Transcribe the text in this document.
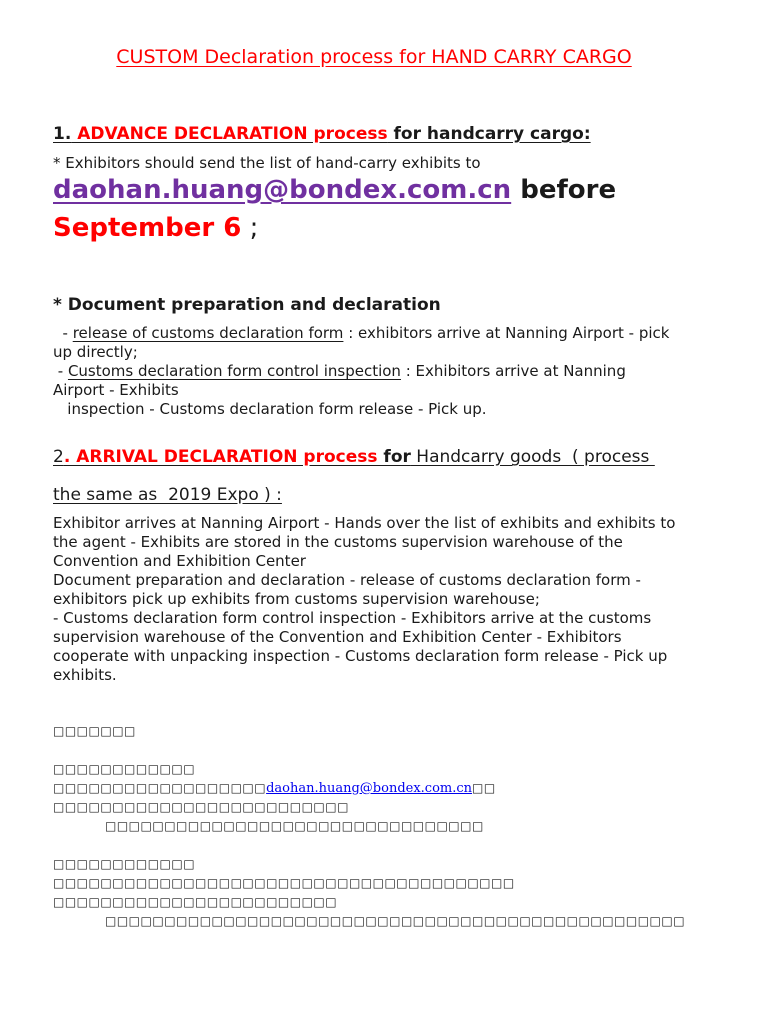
CUSTOM Declaration process for HAND CARRY CARGO

1. ADVANCE DECLARATION process for handcarry cargo:

* Exhibitors should send the list of hand-carry exhibits to

daohan.huang@bondex.com.cn before

September 6 ;

* Document preparation and declaration

- release of customs declaration form : exhibitors arrive at Nanning Airport - pick

up directly;

- Customs declaration form control inspection : Exhibitors arrive at Nanning

Airport - Exhibits

inspection - Customs declaration form release - Pick up.

2. ARRIVAL DECLARATION process for Handcarry goods  ( process

the same as  2019 Expo ) :

Exhibitor arrives at Nanning Airport - Hands over the list of exhibits and exhibits to

the agent - Exhibits are stored in the customs supervision warehouse of the

Convention and Exhibition Center

Document preparation and declaration - release of customs declaration form -

exhibitors pick up exhibits from customs supervision warehouse;

- Customs declaration form control inspection - Exhibitors arrive at the customs

supervision warehouse of the Convention and Exhibition Center - Exhibitors

cooperate with unpacking inspection - Customs declaration form release - Pick up

exhibits.

□□□□□□□

□□□□□□□□□□□□

□□□□□□□□□□□□□□□□□□daohan.huang@bondex.com.cn□□

□□□□□□□□□□□□□□□□□□□□□□□□□

□□□□□□□□□□□□□□□□□□□□□□□□□□□□□□□□

□□□□□□□□□□□□

□□□□□□□□□□□□□□□□□□□□□□□□□□□□□□□□□□□□□□□

□□□□□□□□□□□□□□□□□□□□□□□□

□□□□□□□□□□□□□□□□□□□□□□□□□□□□□□□□□□□□□□□□□□□□□□□□□
